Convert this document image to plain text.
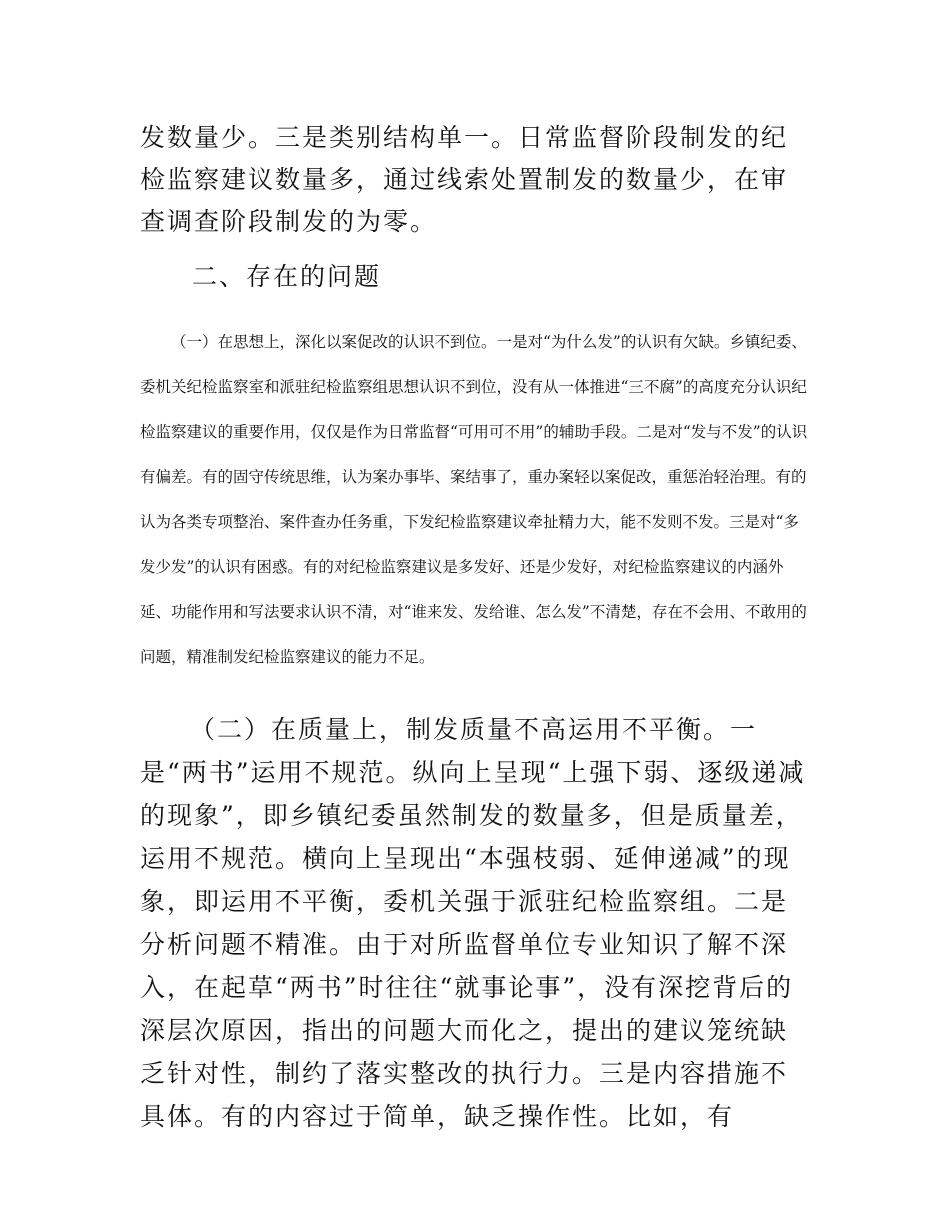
发数量少。三是类别结构单一。日常监督阶段制发的纪检监察建议数量多，通过线索处置制发的数量少，在审查调查阶段制发的为零。

二、存在的问题

（一）在思想上，深化以案促改的认识不到位。一是对“为什么发”的认识有欠缺。乡镇纪委、委机关纪检监察室和派驻纪检监察组思想认识不到位，没有从一体推进“三不腐”的高度充分认识纪检监察建议的重要作用，仅仅是作为日常监督“可用可不用”的辅助手段。二是对“发与不发”的认识有偏差。有的固守传统思维，认为案办事毕、案结事了，重办案轻以案促改，重惩治轻治理。有的认为各类专项整治、案件查办任务重，下发纪检监察建议牵扯精力大，能不发则不发。三是对“多发少发”的认识有困惑。有的对纪检监察建议是多发好、还是少发好，对纪检监察建议的内涵外延、功能作用和写法要求认识不清，对“谁来发、发给谁、怎么发”不清楚，存在不会用、不敢用的问题，精准制发纪检监察建议的能力不足。

（二）在质量上，制发质量不高运用不平衡。一是“两书”运用不规范。纵向上呈现“上强下弱、逐级递减的现象”，即乡镇纪委虽然制发的数量多，但是质量差，运用不规范。横向上呈现出“本强枝弱、延伸递减”的现象，即运用不平衡，委机关强于派驻纪检监察组。二是分析问题不精准。由于对所监督单位专业知识了解不深入，在起草“两书”时往往“就事论事”，没有深挖背后的深层次原因，指出的问题大而化之，提出的建议笼统缺乏针对性，制约了落实整改的执行力。三是内容措施不具体。有的内容过于简单，缺乏操作性。比如，有
